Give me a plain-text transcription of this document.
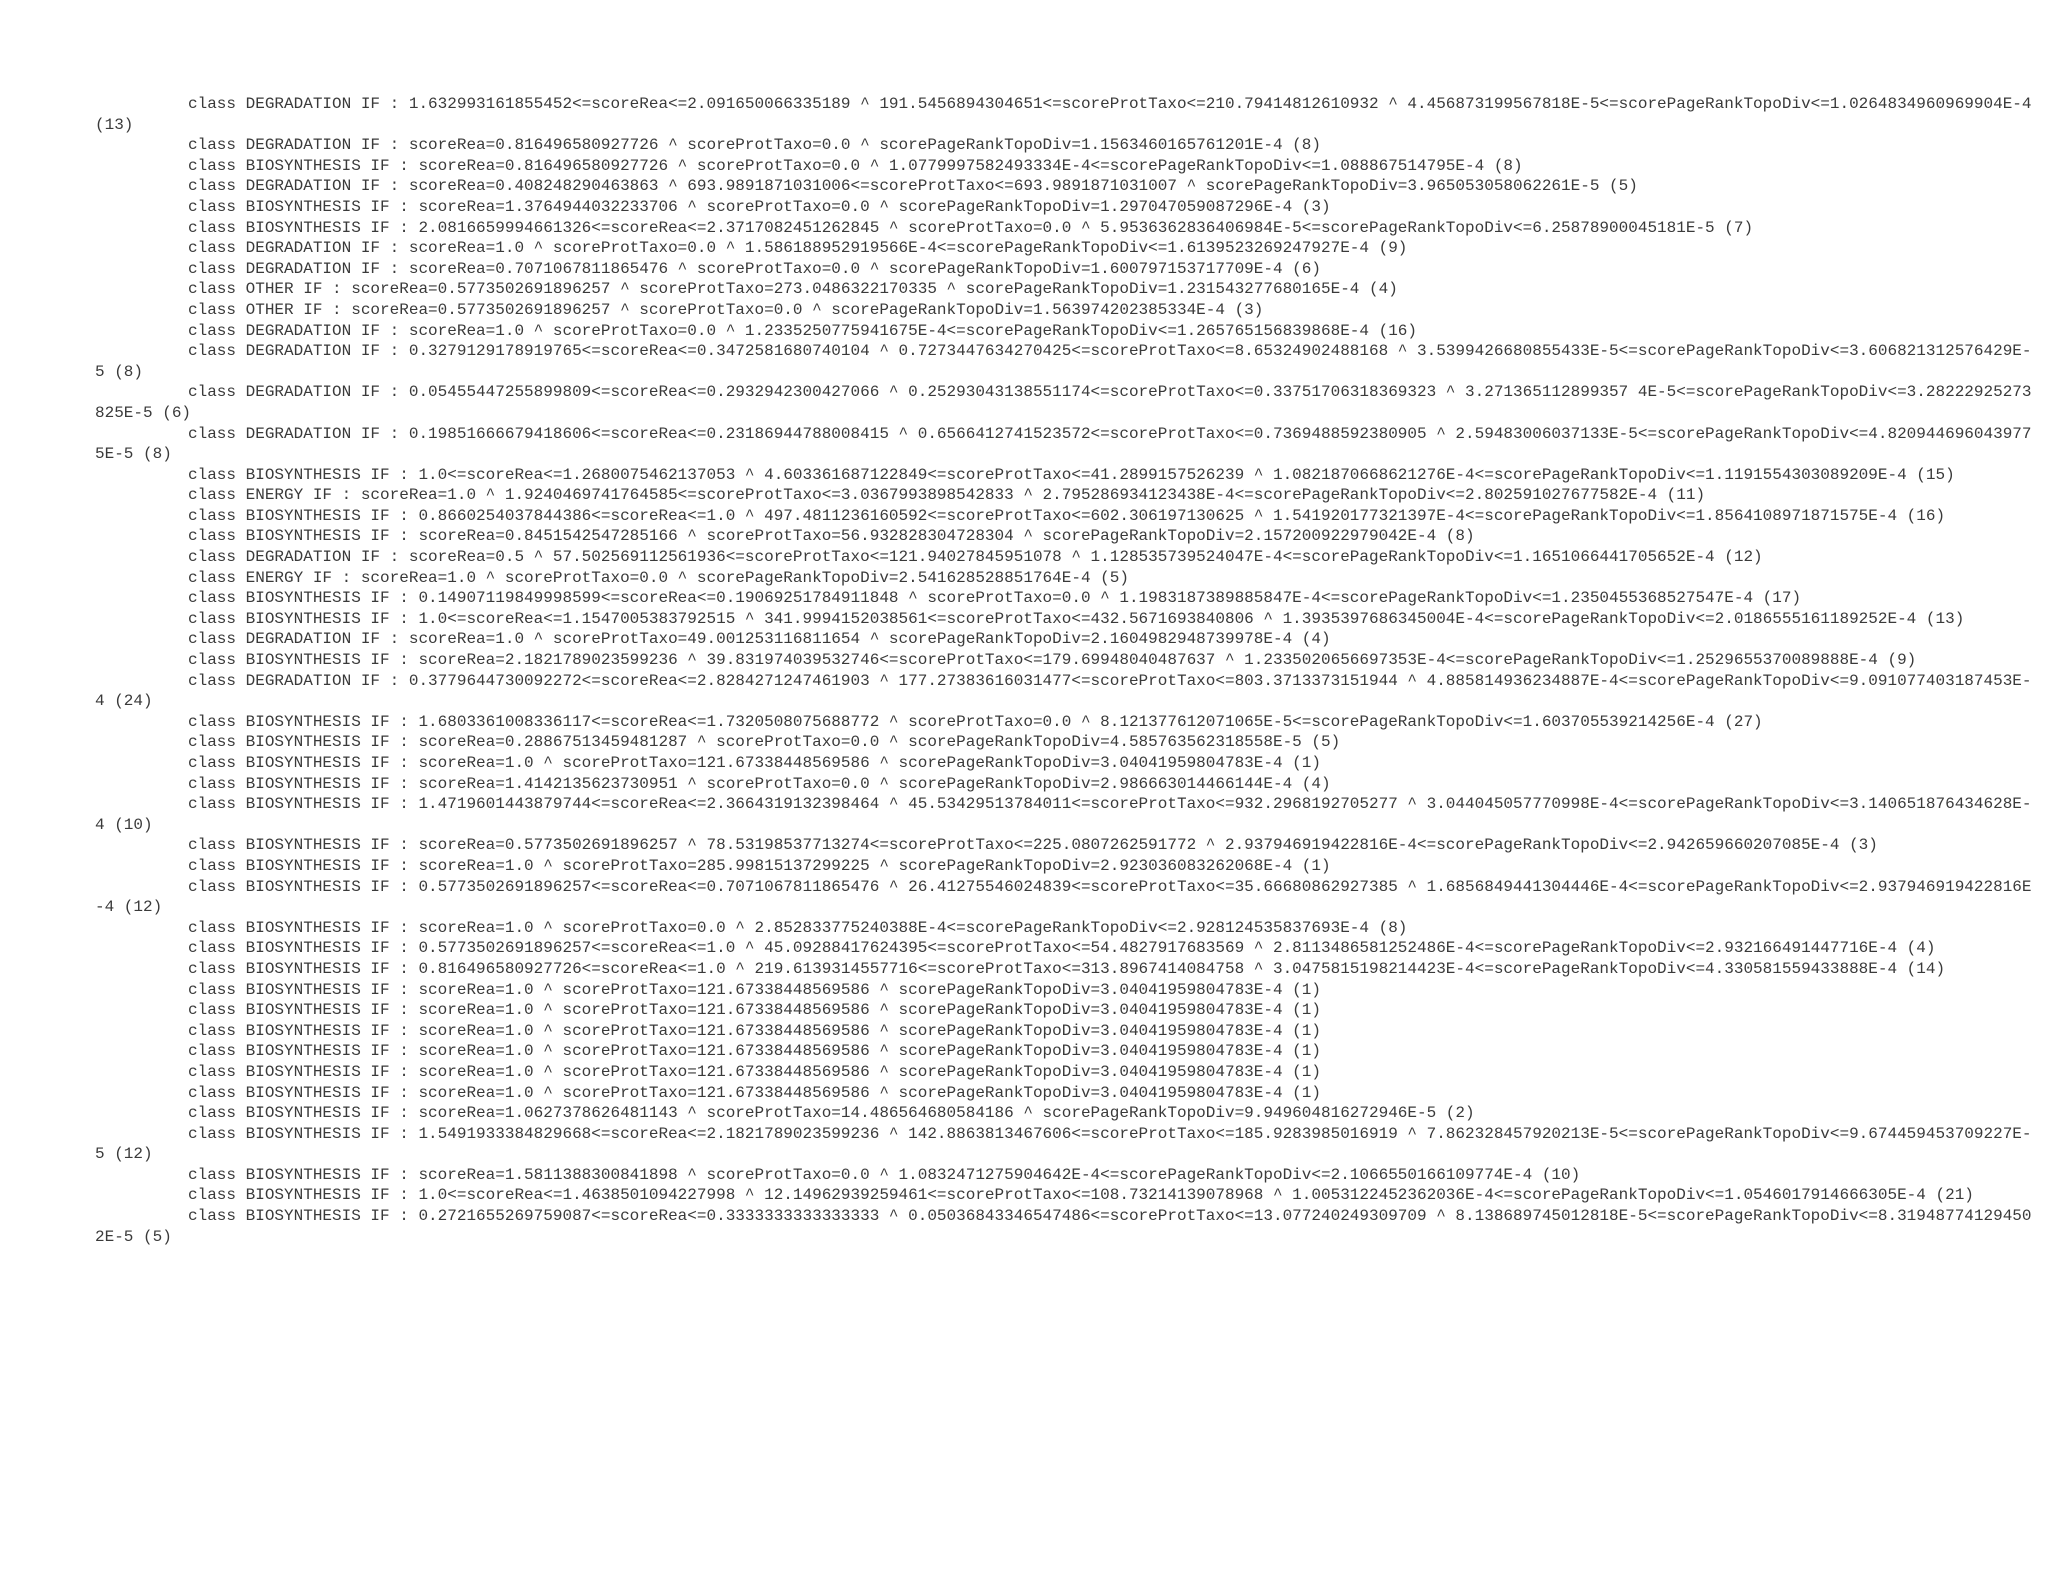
class DEGRADATION IF : 1.632993161855452<=scoreRea<=2.091650066335189 ^ 191.5456894304651<=scoreProtTaxo<=210.79414812610932 ^ 4.456873199567818E-5<=scorePageRankTopoDiv<=1.0264834960969904E-4 (13)

class DEGRADATION IF : scoreRea=0.816496580927726 ^ scoreProtTaxo=0.0 ^ scorePageRankTopoDiv=1.1563460165761201E-4 (8)

class BIOSYNTHESIS IF : scoreRea=0.816496580927726 ^ scoreProtTaxo=0.0 ^ 1.0779997582493334E-4<=scorePageRankTopoDiv<=1.088867514795E-4 (8)

class DEGRADATION IF : scoreRea=0.408248290463863 ^ 693.9891871031006<=scoreProtTaxo<=693.9891871031007 ^ scorePageRankTopoDiv=3.965053058062261E-5 (5)

class BIOSYNTHESIS IF : scoreRea=1.3764944032233706 ^ scoreProtTaxo=0.0 ^ scorePageRankTopoDiv=1.297047059087296E-4 (3)

class BIOSYNTHESIS IF : 2.0816659994661326<=scoreRea<=2.3717082451262845 ^ scoreProtTaxo=0.0 ^ 5.9536362836406984E-5<=scorePageRankTopoDiv<=6.25878900045181E-5 (7)

class DEGRADATION IF : scoreRea=1.0 ^ scoreProtTaxo=0.0 ^ 1.586188952919566E-4<=scorePageRankTopoDiv<=1.6139523269247927E-4 (9)

class DEGRADATION IF : scoreRea=0.7071067811865476 ^ scoreProtTaxo=0.0 ^ scorePageRankTopoDiv=1.600797153717709E-4 (6)

class OTHER IF : scoreRea=0.5773502691896257 ^ scoreProtTaxo=273.0486322170335 ^ scorePageRankTopoDiv=1.231543277680165E-4 (4)

class OTHER IF : scoreRea=0.5773502691896257 ^ scoreProtTaxo=0.0 ^ scorePageRankTopoDiv=1.563974202385334E-4 (3)

class DEGRADATION IF : scoreRea=1.0 ^ scoreProtTaxo=0.0 ^ 1.2335250775941675E-4<=scorePageRankTopoDiv<=1.265765156839868E-4 (16)

class DEGRADATION IF : 0.3279129178919765<=scoreRea<=0.3472581680740104 ^ 0.7273447634270425<=scoreProtTaxo<=8.65324902488168 ^ 3.5399426680855433E-5<=scorePageRankTopoDiv<=3.606821312576429E-5 (8)

class DEGRADATION IF : 0.05455447255899809<=scoreRea<=0.2932942300427066 ^ 0.25293043138551174<=scoreProtTaxo<=0.33751706318369323 ^ 3.271365112899357 4E-5<=scorePageRankTopoDiv<=3.28222925273825E-5 (6)

class DEGRADATION IF : 0.19851666679418606<=scoreRea<=0.23186944788008415 ^ 0.6566412741523572<=scoreProtTaxo<=0.7369488592380905 ^ 2.59483006037133E-5<=scorePageRankTopoDiv<=4.8209446960439775E-5 (8)

class BIOSYNTHESIS IF : 1.0<=scoreRea<=1.2680075462137053 ^ 4.603361687122849<=scoreProtTaxo<=41.2899157526239 ^ 1.0821870668621276E-4<=scorePageRankTopoDiv<=1.1191554303089209E-4 (15)

class ENERGY IF : scoreRea=1.0 ^ 1.9240469741764585<=scoreProtTaxo<=3.0367993898542833 ^ 2.795286934123438E-4<=scorePageRankTopoDiv<=2.802591027677582E-4 (11)

class BIOSYNTHESIS IF : 0.8660254037844386<=scoreRea<=1.0 ^ 497.4811236160592<=scoreProtTaxo<=602.306197130625 ^ 1.541920177321397E-4<=scorePageRankTopoDiv<=1.8564108971871575E-4 (16)

class BIOSYNTHESIS IF : scoreRea=0.8451542547285166 ^ scoreProtTaxo=56.932828304728304 ^ scorePageRankTopoDiv=2.157200922979042E-4 (8)

class DEGRADATION IF : scoreRea=0.5 ^ 57.502569112561936<=scoreProtTaxo<=121.94027845951078 ^ 1.128535739524047E-4<=scorePageRankTopoDiv<=1.1651066441705652E-4 (12)

class ENERGY IF : scoreRea=1.0 ^ scoreProtTaxo=0.0 ^ scorePageRankTopoDiv=2.541628528851764E-4 (5)

class BIOSYNTHESIS IF : 0.14907119849998599<=scoreRea<=0.19069251784911848 ^ scoreProtTaxo=0.0 ^ 1.1983187389885847E-4<=scorePageRankTopoDiv<=1.2350455368527547E-4 (17)

class BIOSYNTHESIS IF : 1.0<=scoreRea<=1.1547005383792515 ^ 341.9994152038561<=scoreProtTaxo<=432.5671693840806 ^ 1.3935397686345004E-4<=scorePageRankTopoDiv<=2.0186555161189252E-4 (13)

class DEGRADATION IF : scoreRea=1.0 ^ scoreProtTaxo=49.001253116811654 ^ scorePageRankTopoDiv=2.1604982948739978E-4 (4)

class BIOSYNTHESIS IF : scoreRea=2.1821789023599236 ^ 39.831974039532746<=scoreProtTaxo<=179.69948040487637 ^ 1.2335020656697353E-4<=scorePageRankTopoDiv<=1.2529655370089888E-4 (9)

class DEGRADATION IF : 0.3779644730092272<=scoreRea<=2.8284271247461903 ^ 177.27383616031477<=scoreProtTaxo<=803.3713373151944 ^ 4.885814936234887E-4<=scorePageRankTopoDiv<=9.091077403187453E-4 (24)

class BIOSYNTHESIS IF : 1.6803361008336117<=scoreRea<=1.7320508075688772 ^ scoreProtTaxo=0.0 ^ 8.121377612071065E-5<=scorePageRankTopoDiv<=1.603705539214256E-4 (27)

class BIOSYNTHESIS IF : scoreRea=0.28867513459481287 ^ scoreProtTaxo=0.0 ^ scorePageRankTopoDiv=4.585763562318558E-5 (5)

class BIOSYNTHESIS IF : scoreRea=1.0 ^ scoreProtTaxo=121.67338448569586 ^ scorePageRankTopoDiv=3.04041959804783E-4 (1)

class BIOSYNTHESIS IF : scoreRea=1.4142135623730951 ^ scoreProtTaxo=0.0 ^ scorePageRankTopoDiv=2.986663014466144E-4 (4)

class BIOSYNTHESIS IF : 1.4719601443879744<=scoreRea<=2.3664319132398464 ^ 45.53429513784011<=scoreProtTaxo<=932.2968192705277 ^ 3.044045057770998E-4<=scorePageRankTopoDiv<=3.140651876434628E-4 (10)

class BIOSYNTHESIS IF : scoreRea=0.5773502691896257 ^ 78.53198537713274<=scoreProtTaxo<=225.0807262591772 ^ 2.937946919422816E-4<=scorePageRankTopoDiv<=2.942659660207085E-4 (3)

class BIOSYNTHESIS IF : scoreRea=1.0 ^ scoreProtTaxo=285.99815137299225 ^ scorePageRankTopoDiv=2.923036083262068E-4 (1)

class BIOSYNTHESIS IF : 0.5773502691896257<=scoreRea<=0.7071067811865476 ^ 26.41275546024839<=scoreProtTaxo<=35.66680862927385 ^ 1.6856849441304446E-4<=scorePageRankTopoDiv<=2.937946919422816E-4 (12)

class BIOSYNTHESIS IF : scoreRea=1.0 ^ scoreProtTaxo=0.0 ^ 2.852833775240388E-4<=scorePageRankTopoDiv<=2.928124535837693E-4 (8)

class BIOSYNTHESIS IF : 0.5773502691896257<=scoreRea<=1.0 ^ 45.09288417624395<=scoreProtTaxo<=54.4827917683569 ^ 2.8113486581252486E-4<=scorePageRankTopoDiv<=2.932166491447716E-4 (4)

class BIOSYNTHESIS IF : 0.816496580927726<=scoreRea<=1.0 ^ 219.6139314557716<=scoreProtTaxo<=313.8967414084758 ^ 3.0475815198214423E-4<=scorePageRankTopoDiv<=4.330581559433888E-4 (14)

class BIOSYNTHESIS IF : scoreRea=1.0 ^ scoreProtTaxo=121.67338448569586 ^ scorePageRankTopoDiv=3.04041959804783E-4 (1)

class BIOSYNTHESIS IF : scoreRea=1.0 ^ scoreProtTaxo=121.67338448569586 ^ scorePageRankTopoDiv=3.04041959804783E-4 (1)

class BIOSYNTHESIS IF : scoreRea=1.0 ^ scoreProtTaxo=121.67338448569586 ^ scorePageRankTopoDiv=3.04041959804783E-4 (1)

class BIOSYNTHESIS IF : scoreRea=1.0 ^ scoreProtTaxo=121.67338448569586 ^ scorePageRankTopoDiv=3.04041959804783E-4 (1)

class BIOSYNTHESIS IF : scoreRea=1.0 ^ scoreProtTaxo=121.67338448569586 ^ scorePageRankTopoDiv=3.04041959804783E-4 (1)

class BIOSYNTHESIS IF : scoreRea=1.0 ^ scoreProtTaxo=121.67338448569586 ^ scorePageRankTopoDiv=3.04041959804783E-4 (1)

class BIOSYNTHESIS IF : scoreRea=1.0627378626481143 ^ scoreProtTaxo=14.486564680584186 ^ scorePageRankTopoDiv=9.949604816272946E-5 (2)

class BIOSYNTHESIS IF : 1.5491933384829668<=scoreRea<=2.1821789023599236 ^ 142.8863813467606<=scoreProtTaxo<=185.9283985016919 ^ 7.862328457920213E-5<=scorePageRankTopoDiv<=9.674459453709227E-5 (12)

class BIOSYNTHESIS IF : scoreRea=1.5811388300841898 ^ scoreProtTaxo=0.0 ^ 1.0832471275904642E-4<=scorePageRankTopoDiv<=2.1066550166109774E-4 (10)

class BIOSYNTHESIS IF : 1.0<=scoreRea<=1.4638501094227998 ^ 12.14962939259461<=scoreProtTaxo<=108.73214139078968 ^ 1.0053122452362036E-4<=scorePageRankTopoDiv<=1.0546017914666305E-4 (21)

class BIOSYNTHESIS IF : 0.2721655269759087<=scoreRea<=0.3333333333333333 ^ 0.05036843346547486<=scoreProtTaxo<=13.077240249309709 ^ 8.138689745012818E-5<=scorePageRankTopoDiv<=8.319487741294502E-5 (5)
